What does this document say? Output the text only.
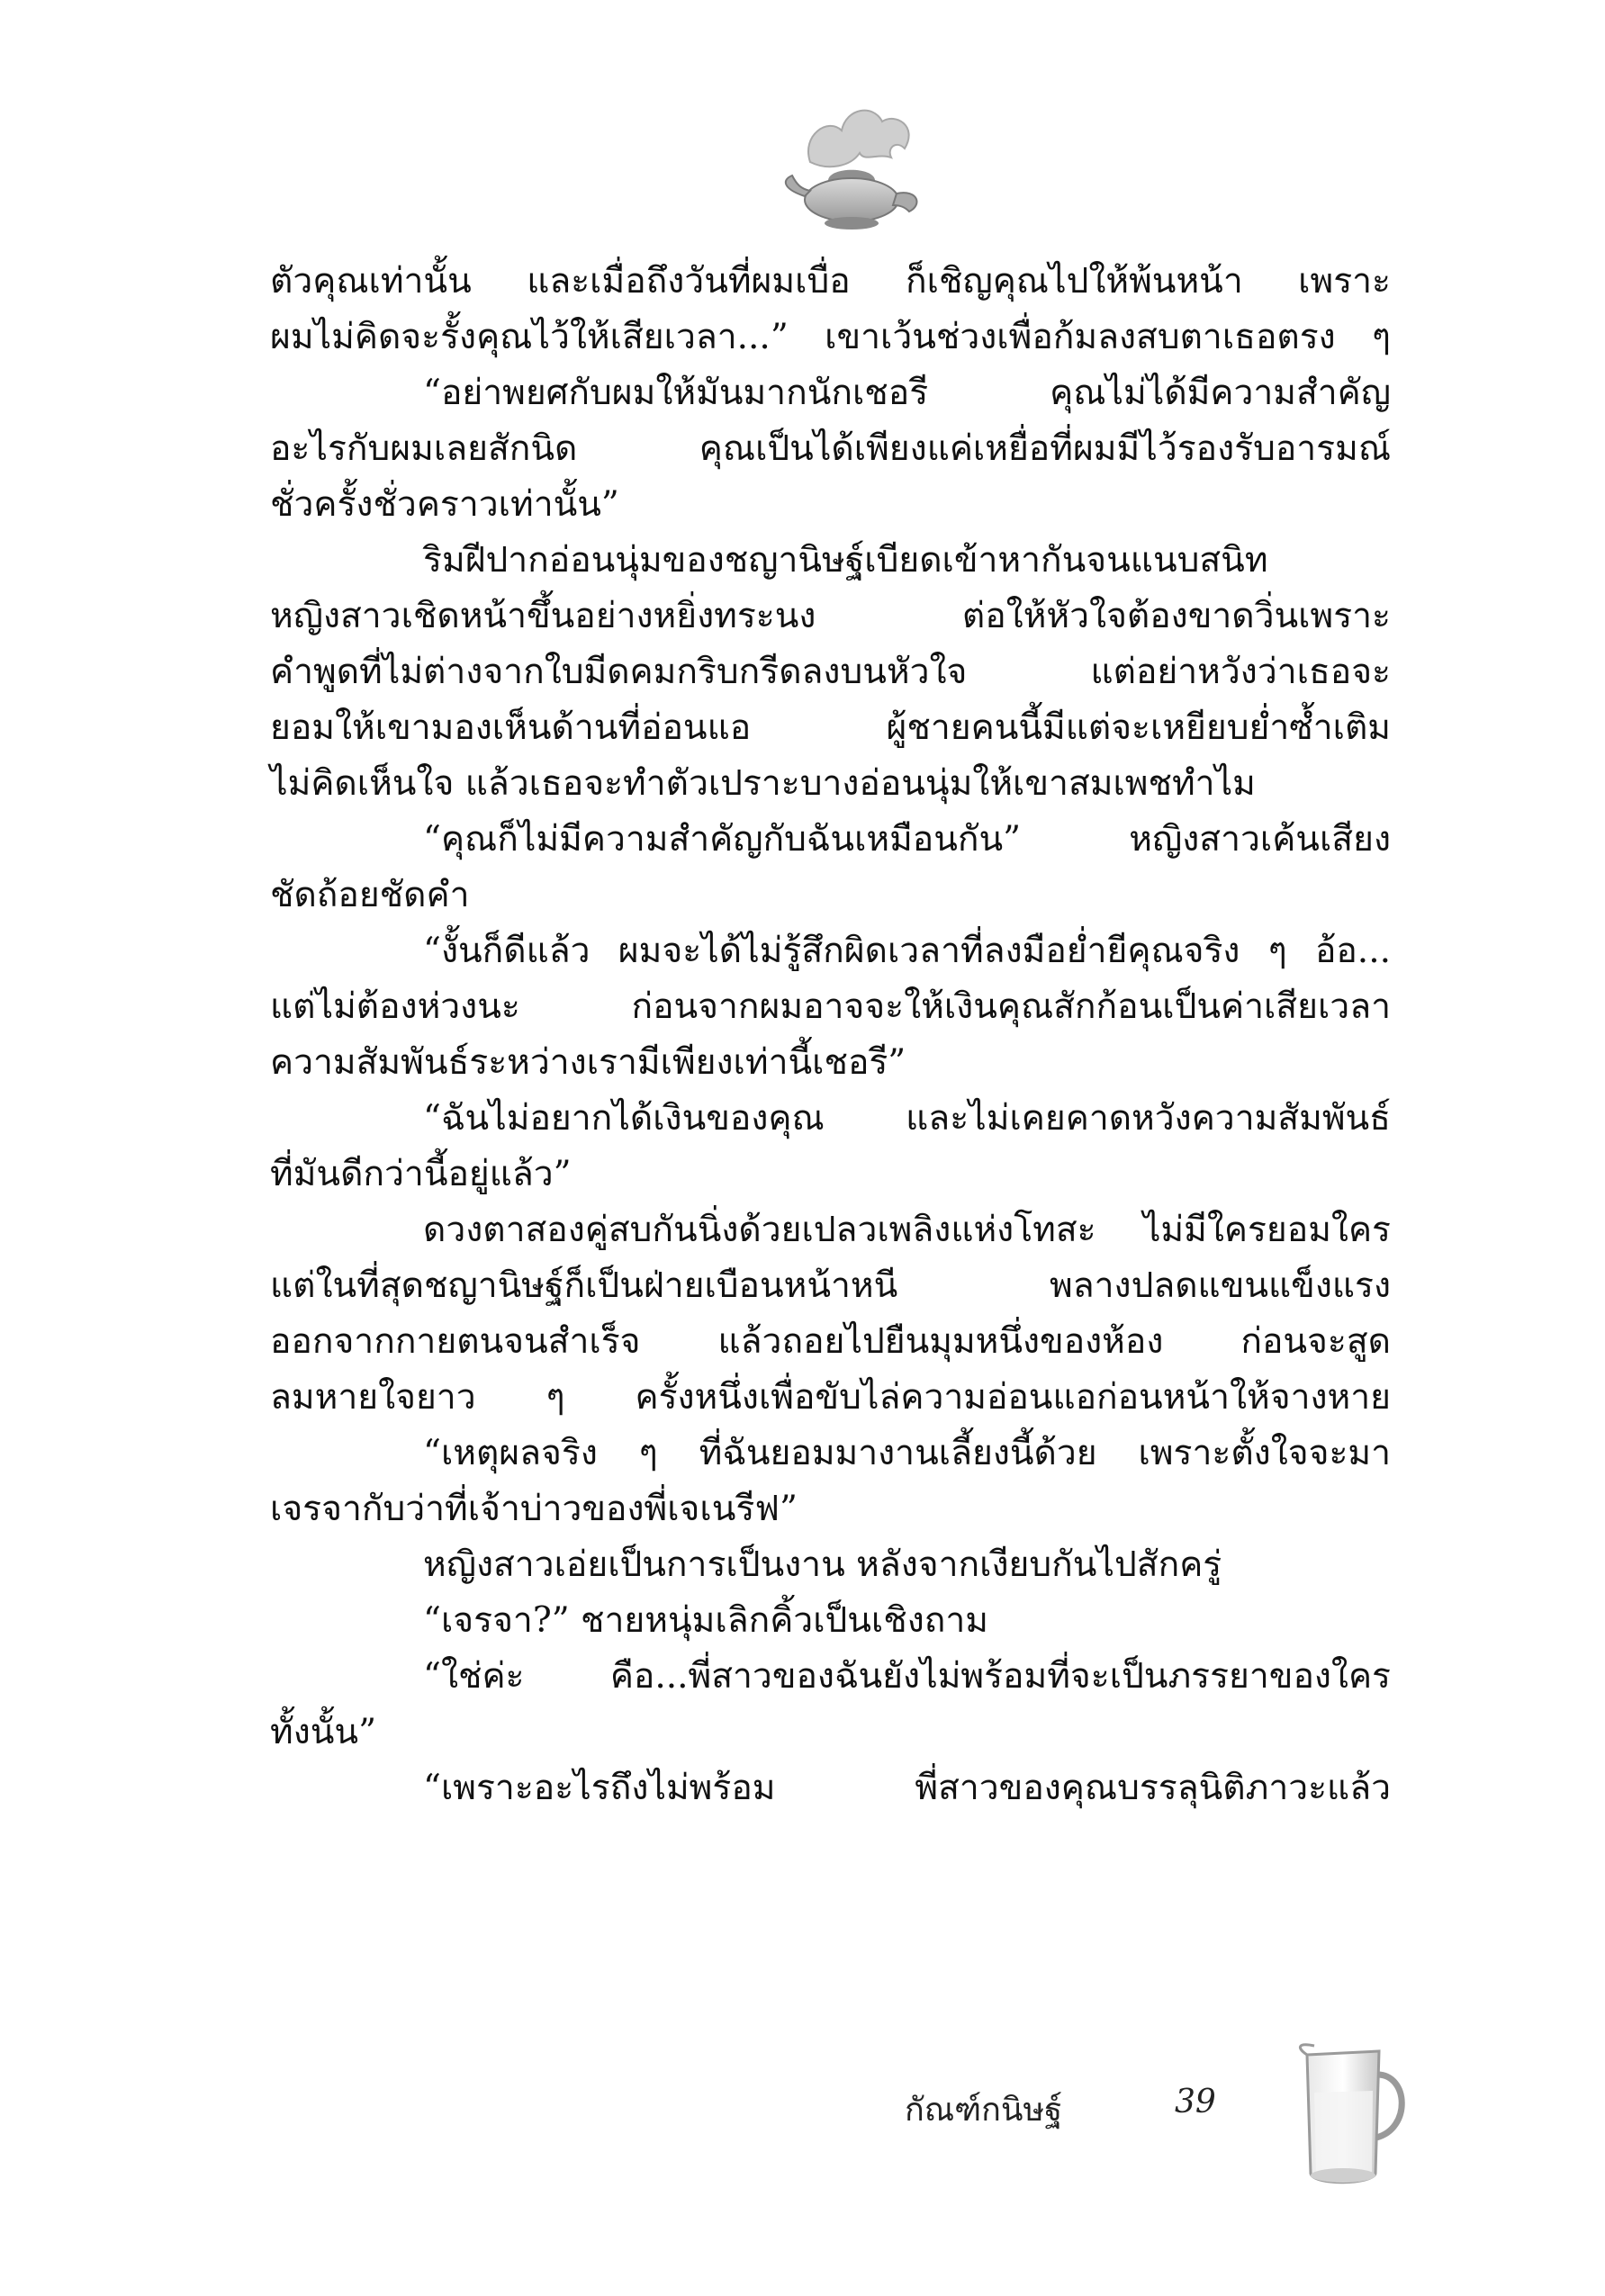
ตัวคุณเท่านั้น และเมื่อถึงวันที่ผมเบื่อ ก็เชิญคุณไปให้พ้นหน้า เพราะ
ผมไม่คิดจะรั้งคุณไว้ให้เสียเวลา...” เขาเว้นช่วงเพื่อก้มลงสบตาเธอตรง ๆ
“อย่าพยศกับผมให้มันมากนักเชอรี คุณไม่ได้มีความสำคัญ
อะไรกับผมเลยสักนิด คุณเป็นได้เพียงแค่เหยื่อที่ผมมีไว้รองรับอารมณ์
ชั่วครั้งชั่วคราวเท่านั้น”
ริมฝีปากอ่อนนุ่มของชญานิษฐ์เบียดเข้าหากันจนแนบสนิท
หญิงสาวเชิดหน้าขึ้นอย่างหยิ่งทระนง ต่อให้หัวใจต้องขาดวิ่นเพราะ
คำพูดที่ไม่ต่างจากใบมีดคมกริบกรีดลงบนหัวใจ แต่อย่าหวังว่าเธอจะ
ยอมให้เขามองเห็นด้านที่อ่อนแอ ผู้ชายคนนี้มีแต่จะเหยียบย่ำซ้ำเติม
ไม่คิดเห็นใจ แล้วเธอจะทำตัวเปราะบางอ่อนนุ่มให้เขาสมเพชทำไม
“คุณก็ไม่มีความสำคัญกับฉันเหมือนกัน” หญิงสาวเค้นเสียง
ชัดถ้อยชัดคำ
“งั้นก็ดีแล้ว ผมจะได้ไม่รู้สึกผิดเวลาที่ลงมือย่ำยีคุณจริง ๆ อ้อ...
แต่ไม่ต้องห่วงนะ ก่อนจากผมอาจจะให้เงินคุณสักก้อนเป็นค่าเสียเวลา
ความสัมพันธ์ระหว่างเรามีเพียงเท่านี้เชอรี”
“ฉันไม่อยากได้เงินของคุณ และไม่เคยคาดหวังความสัมพันธ์
ที่มันดีกว่านี้อยู่แล้ว”
ดวงตาสองคู่สบกันนิ่งด้วยเปลวเพลิงแห่งโทสะ ไม่มีใครยอมใคร
แต่ในที่สุดชญานิษฐ์ก็เป็นฝ่ายเบือนหน้าหนี พลางปลดแขนแข็งแรง
ออกจากกายตนจนสำเร็จ แล้วถอยไปยืนมุมหนึ่งของห้อง ก่อนจะสูด
ลมหายใจยาว ๆ ครั้งหนึ่งเพื่อขับไล่ความอ่อนแอก่อนหน้าให้จางหาย
“เหตุผลจริง ๆ ที่ฉันยอมมางานเลี้ยงนี้ด้วย เพราะตั้งใจจะมา
เจรจากับว่าที่เจ้าบ่าวของพี่เจเนรีฟ”
หญิงสาวเอ่ยเป็นการเป็นงาน หลังจากเงียบกันไปสักครู่
“เจรจา?” ชายหนุ่มเลิกคิ้วเป็นเชิงถาม
“ใช่ค่ะ คือ...พี่สาวของฉันยังไม่พร้อมที่จะเป็นภรรยาของใคร
ทั้งนั้น”
“เพราะอะไรถึงไม่พร้อม พี่สาวของคุณบรรลุนิติภาวะแล้ว
กัณฑ์กนิษฐ์	39
